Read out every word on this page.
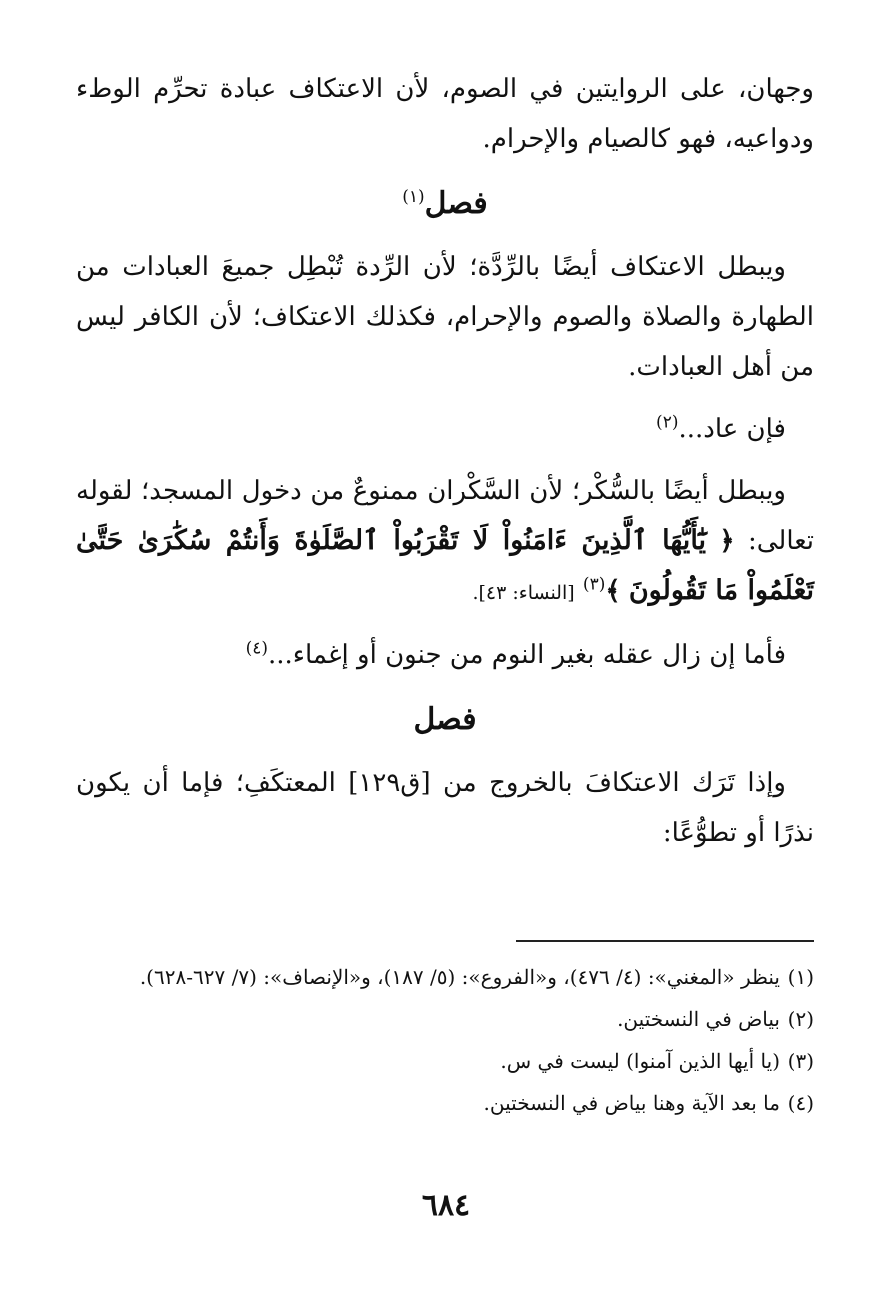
وجهان، على الروايتين في الصوم، لأن الاعتكاف عبادة تحرِّم الوطء ودواعيه، فهو كالصيام والإحرام.

فصل$^{(١)}$

ويبطل الاعتكاف أيضًا بالرِّدَّة؛ لأن الرِّدة تُبْطِل جميعَ العبادات من الطهارة والصلاة والصوم والإحرام، فكذلك الاعتكاف؛ لأن الكافر ليس من أهل العبادات.

فإن عاد...$^{(٢)}$

ويبطل أيضًا بالسُّكْر؛ لأن السَّكْران ممنوعٌ من دخول المسجد؛ لقوله تعالى: ﴿ يَٰٓأَيُّهَا ٱلَّذِينَ ءَامَنُواْ لَا تَقْرَبُواْ ٱلصَّلَوٰةَ وَأَنتُمْ سُكَٰرَىٰ حَتَّىٰ تَعْلَمُواْ مَا تَقُولُونَ ﴾$^{(٣)}$ [النساء: ٤٣].

فأما إن زال عقله بغير النوم من جنون أو إغماء...$^{(٤)}$

فصل

وإذا تَرَك الاعتكافَ بالخروج من [ق١٢٩] المعتكَفِ؛ فإما أن يكون نذرًا أو تطوُّعًا:

(١)
ينظر «المغني»: (٤/ ٤٧٦)، و«الفروع»: (٥/ ١٨٧)، و«الإنصاف»: (٧/ ٦٢٧-٦٢٨).
(٢)
بياض في النسختين.
(٣)
(يا أيها الذين آمنوا) ليست في س.
(٤)
ما بعد الآية وهنا بياض في النسختين.
٦٨٤
